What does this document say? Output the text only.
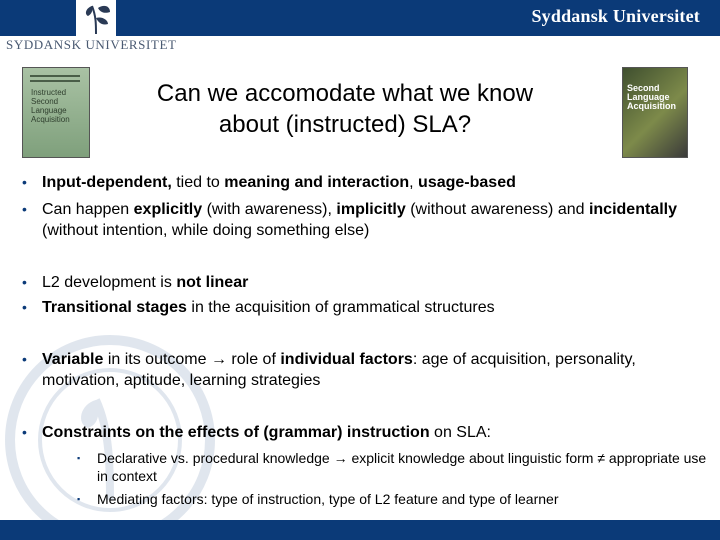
Syddansk Universitet
SYDDANSK UNIVERSITET
Instructed Second Language Acquisition
Second Language Acquisition
Can we accomodate what we know
about (instructed) SLA?
• Input-dependent, tied to meaning and interaction, usage-based
• Can happen explicitly (with awareness), implicitly (without awareness) and incidentally (without intention, while doing something else)
• L2 development is not linear
• Transitional stages in the acquisition of grammatical structures
• Variable in its outcome → role of individual factors: age of acquisition, personality, motivation, aptitude, learning strategies
• Constraints on the effects of (grammar) instruction on SLA:
▪ Declarative vs. procedural knowledge → explicit knowledge about linguistic form ≠ appropriate use in context
▪ Mediating factors: type of instruction, type of L2 feature and type of learner
